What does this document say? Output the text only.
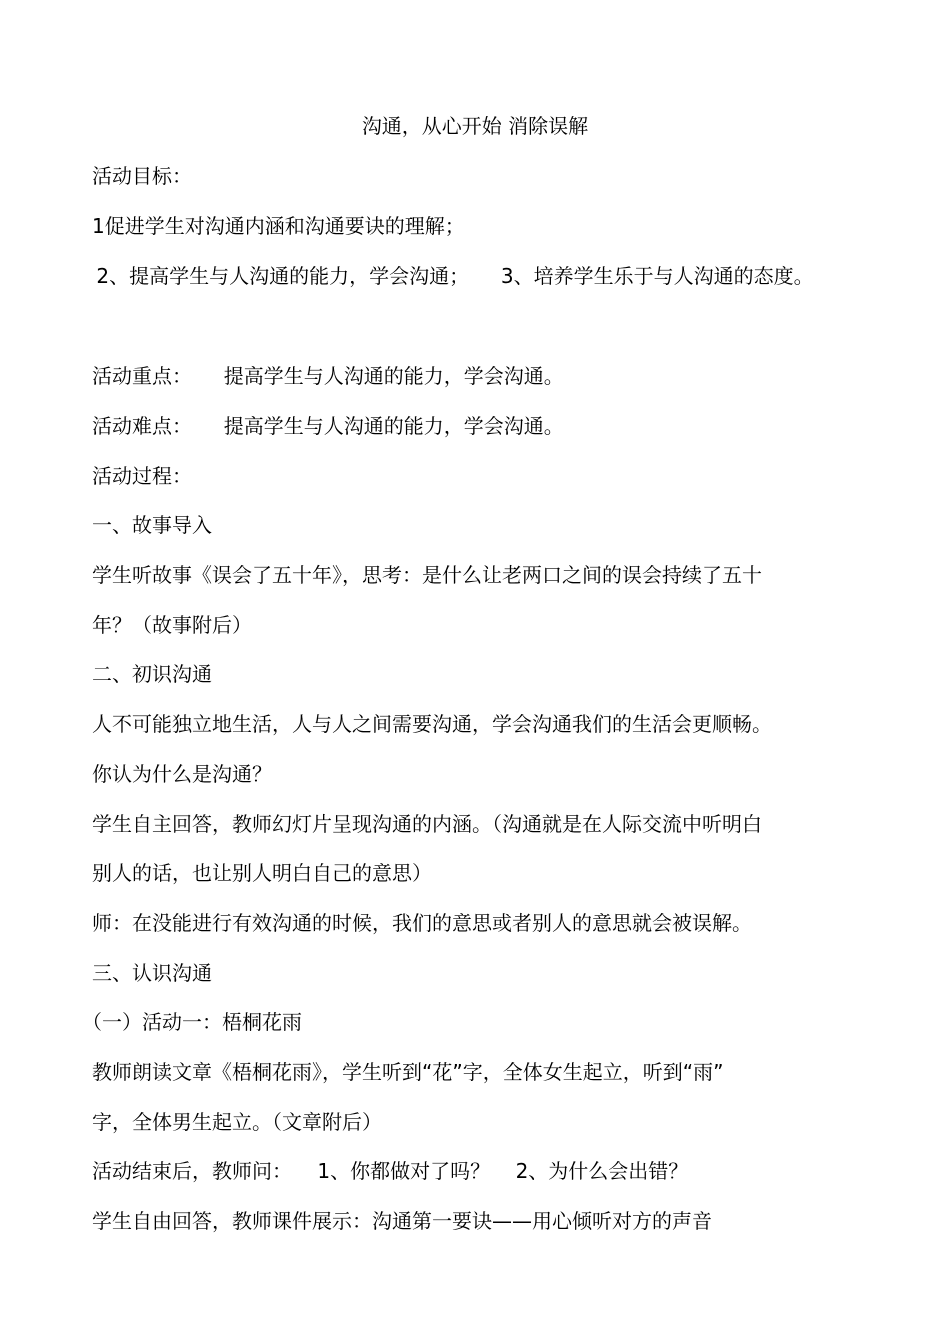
沟通，从心开始 消除误解
活动目标：
1促进学生对沟通内涵和沟通要诀的理解；
2、提高学生与人沟通的能力，学会沟通；     3、培养学生乐于与人沟通的态度。
活动重点：     提高学生与人沟通的能力，学会沟通。
活动难点：     提高学生与人沟通的能力，学会沟通。
活动过程：
一、故事导入
学生听故事《误会了五十年》，思考：是什么让老两口之间的误会持续了五十
年？（故事附后）
二、初识沟通
人不可能独立地生活，人与人之间需要沟通，学会沟通我们的生活会更顺畅。
你认为什么是沟通？
学生自主回答，教师幻灯片呈现沟通的内涵。（沟通就是在人际交流中听明白
别人的话，也让别人明白自己的意思）
师：在没能进行有效沟通的时候，我们的意思或者别人的意思就会被误解。
三、认识沟通
（一）活动一：梧桐花雨
教师朗读文章《梧桐花雨》，学生听到“花”字，全体女生起立，听到“雨”
字，全体男生起立。（文章附后）
活动结束后，教师问：    1、你都做对了吗？    2、为什么会出错？
学生自由回答，教师课件展示：沟通第一要诀——用心倾听对方的声音
